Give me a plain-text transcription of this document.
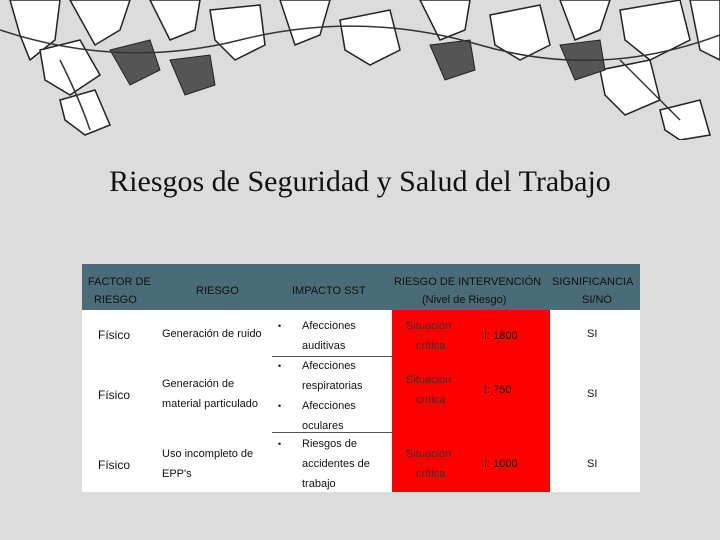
Riesgos de Seguridad y Salud del Trabajo
FACTOR DE
RIESGO
RIESGO	IMPACTO SST
RIESGO DE INTERVENCIÓN
(Nivel de Riesgo)
SIGNIFICANCIA
SI/NO
Situación
crítica
I: 1800
Situación
crítica
I: 750
Situación
crítica
I: 1000
Físico	Generación de ruido
• Afecciones
auditivas
SI
Físico
Generación de
material particulado
• Afecciones
respiratorias
• Afecciones
oculares
SI
Físico
Uso incompleto de
EPP's
• Riesgos de
accidentes de
trabajo
SI
